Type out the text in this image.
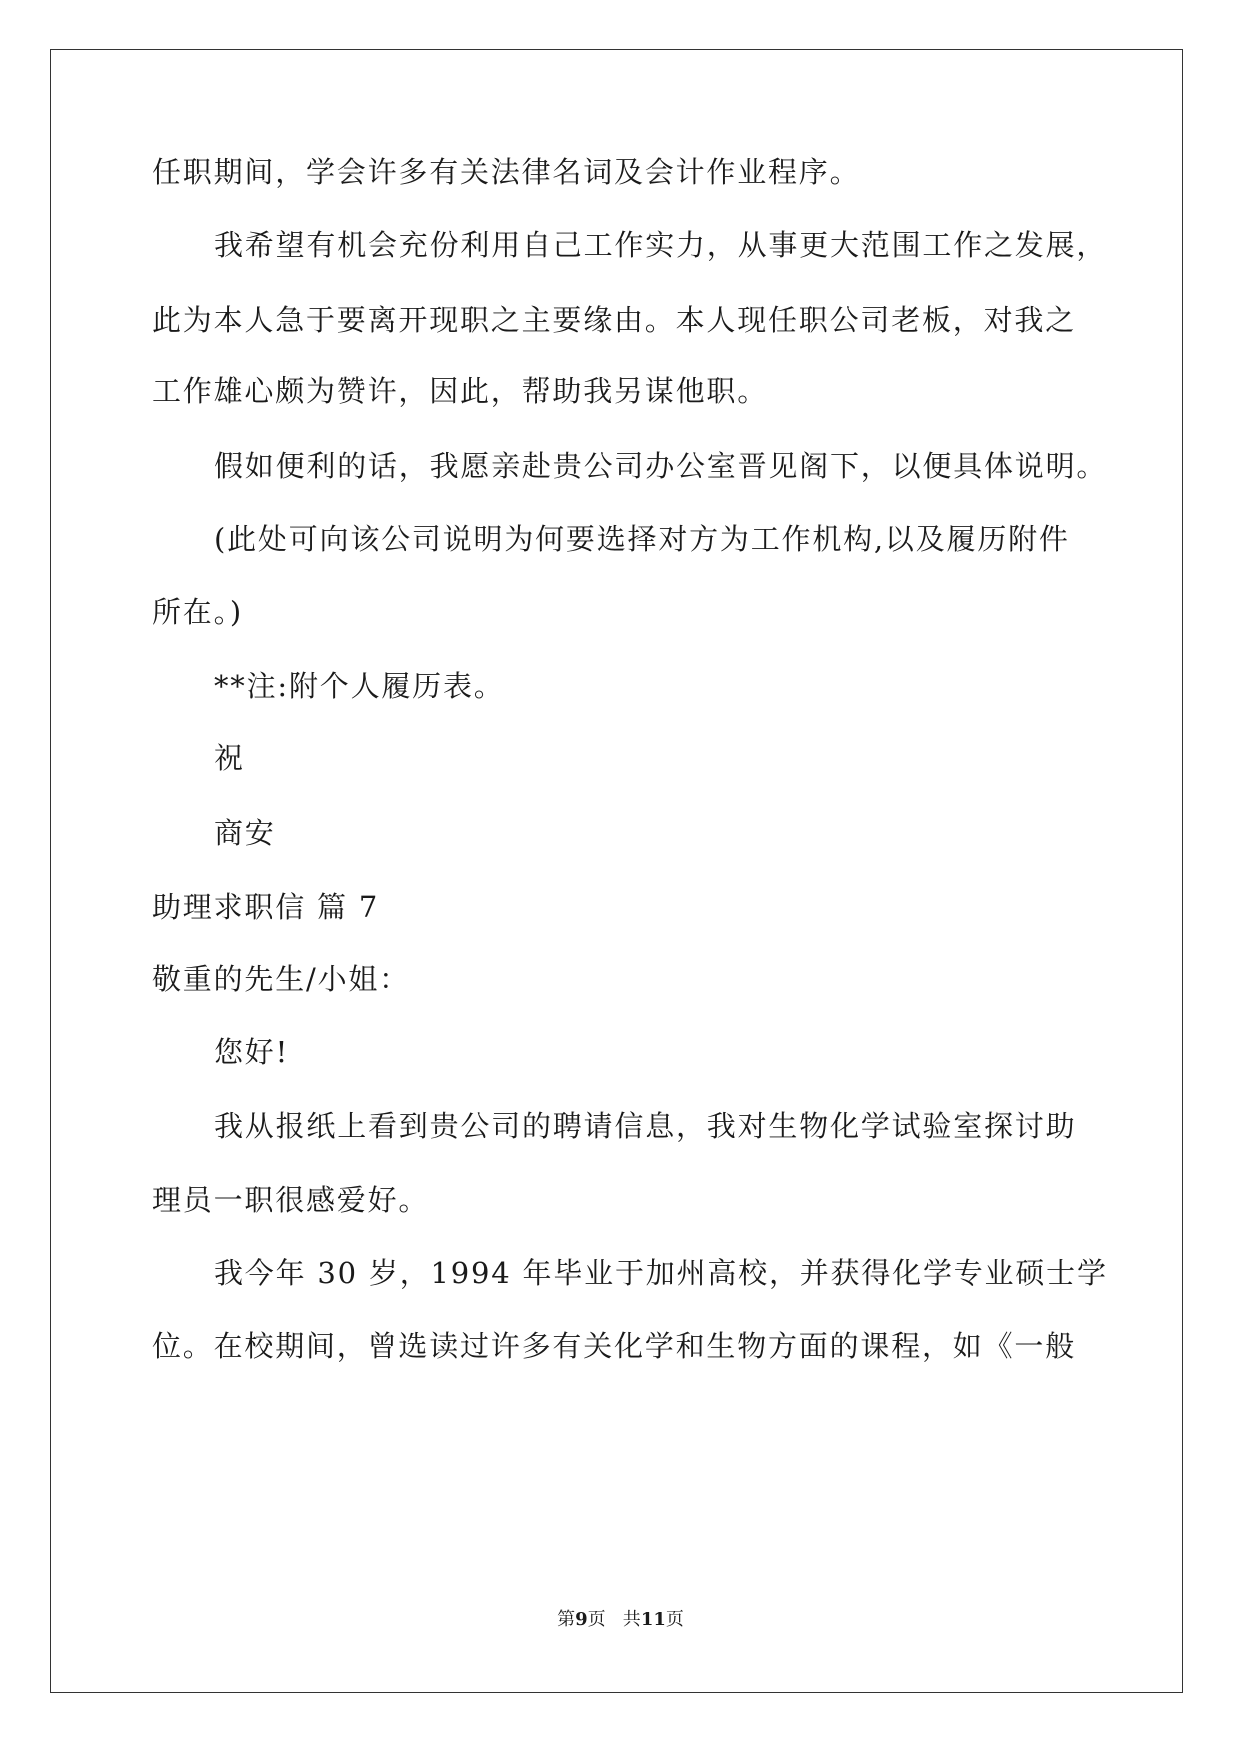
任职期间，学会许多有关法律名词及会计作业程序。
我希望有机会充份利用自己工作实力，从事更大范围工作之发展，
此为本人急于要离开现职之主要缘由。本人现任职公司老板，对我之
工作雄心颇为赞许，因此，帮助我另谋他职。
假如便利的话，我愿亲赴贵公司办公室晋见阁下，以便具体说明。
(此处可向该公司说明为何要选择对方为工作机构,以及履历附件
所在。)
**注:附个人履历表。
祝
商安
助理求职信 篇 7
敬重的先生/小姐：
您好!
我从报纸上看到贵公司的聘请信息，我对生物化学试验室探讨助
理员一职很感爱好。
我今年 30 岁，1994 年毕业于加州高校，并获得化学专业硕士学
位。在校期间，曾选读过许多有关化学和生物方面的课程，如《一般
第9页   共11页
